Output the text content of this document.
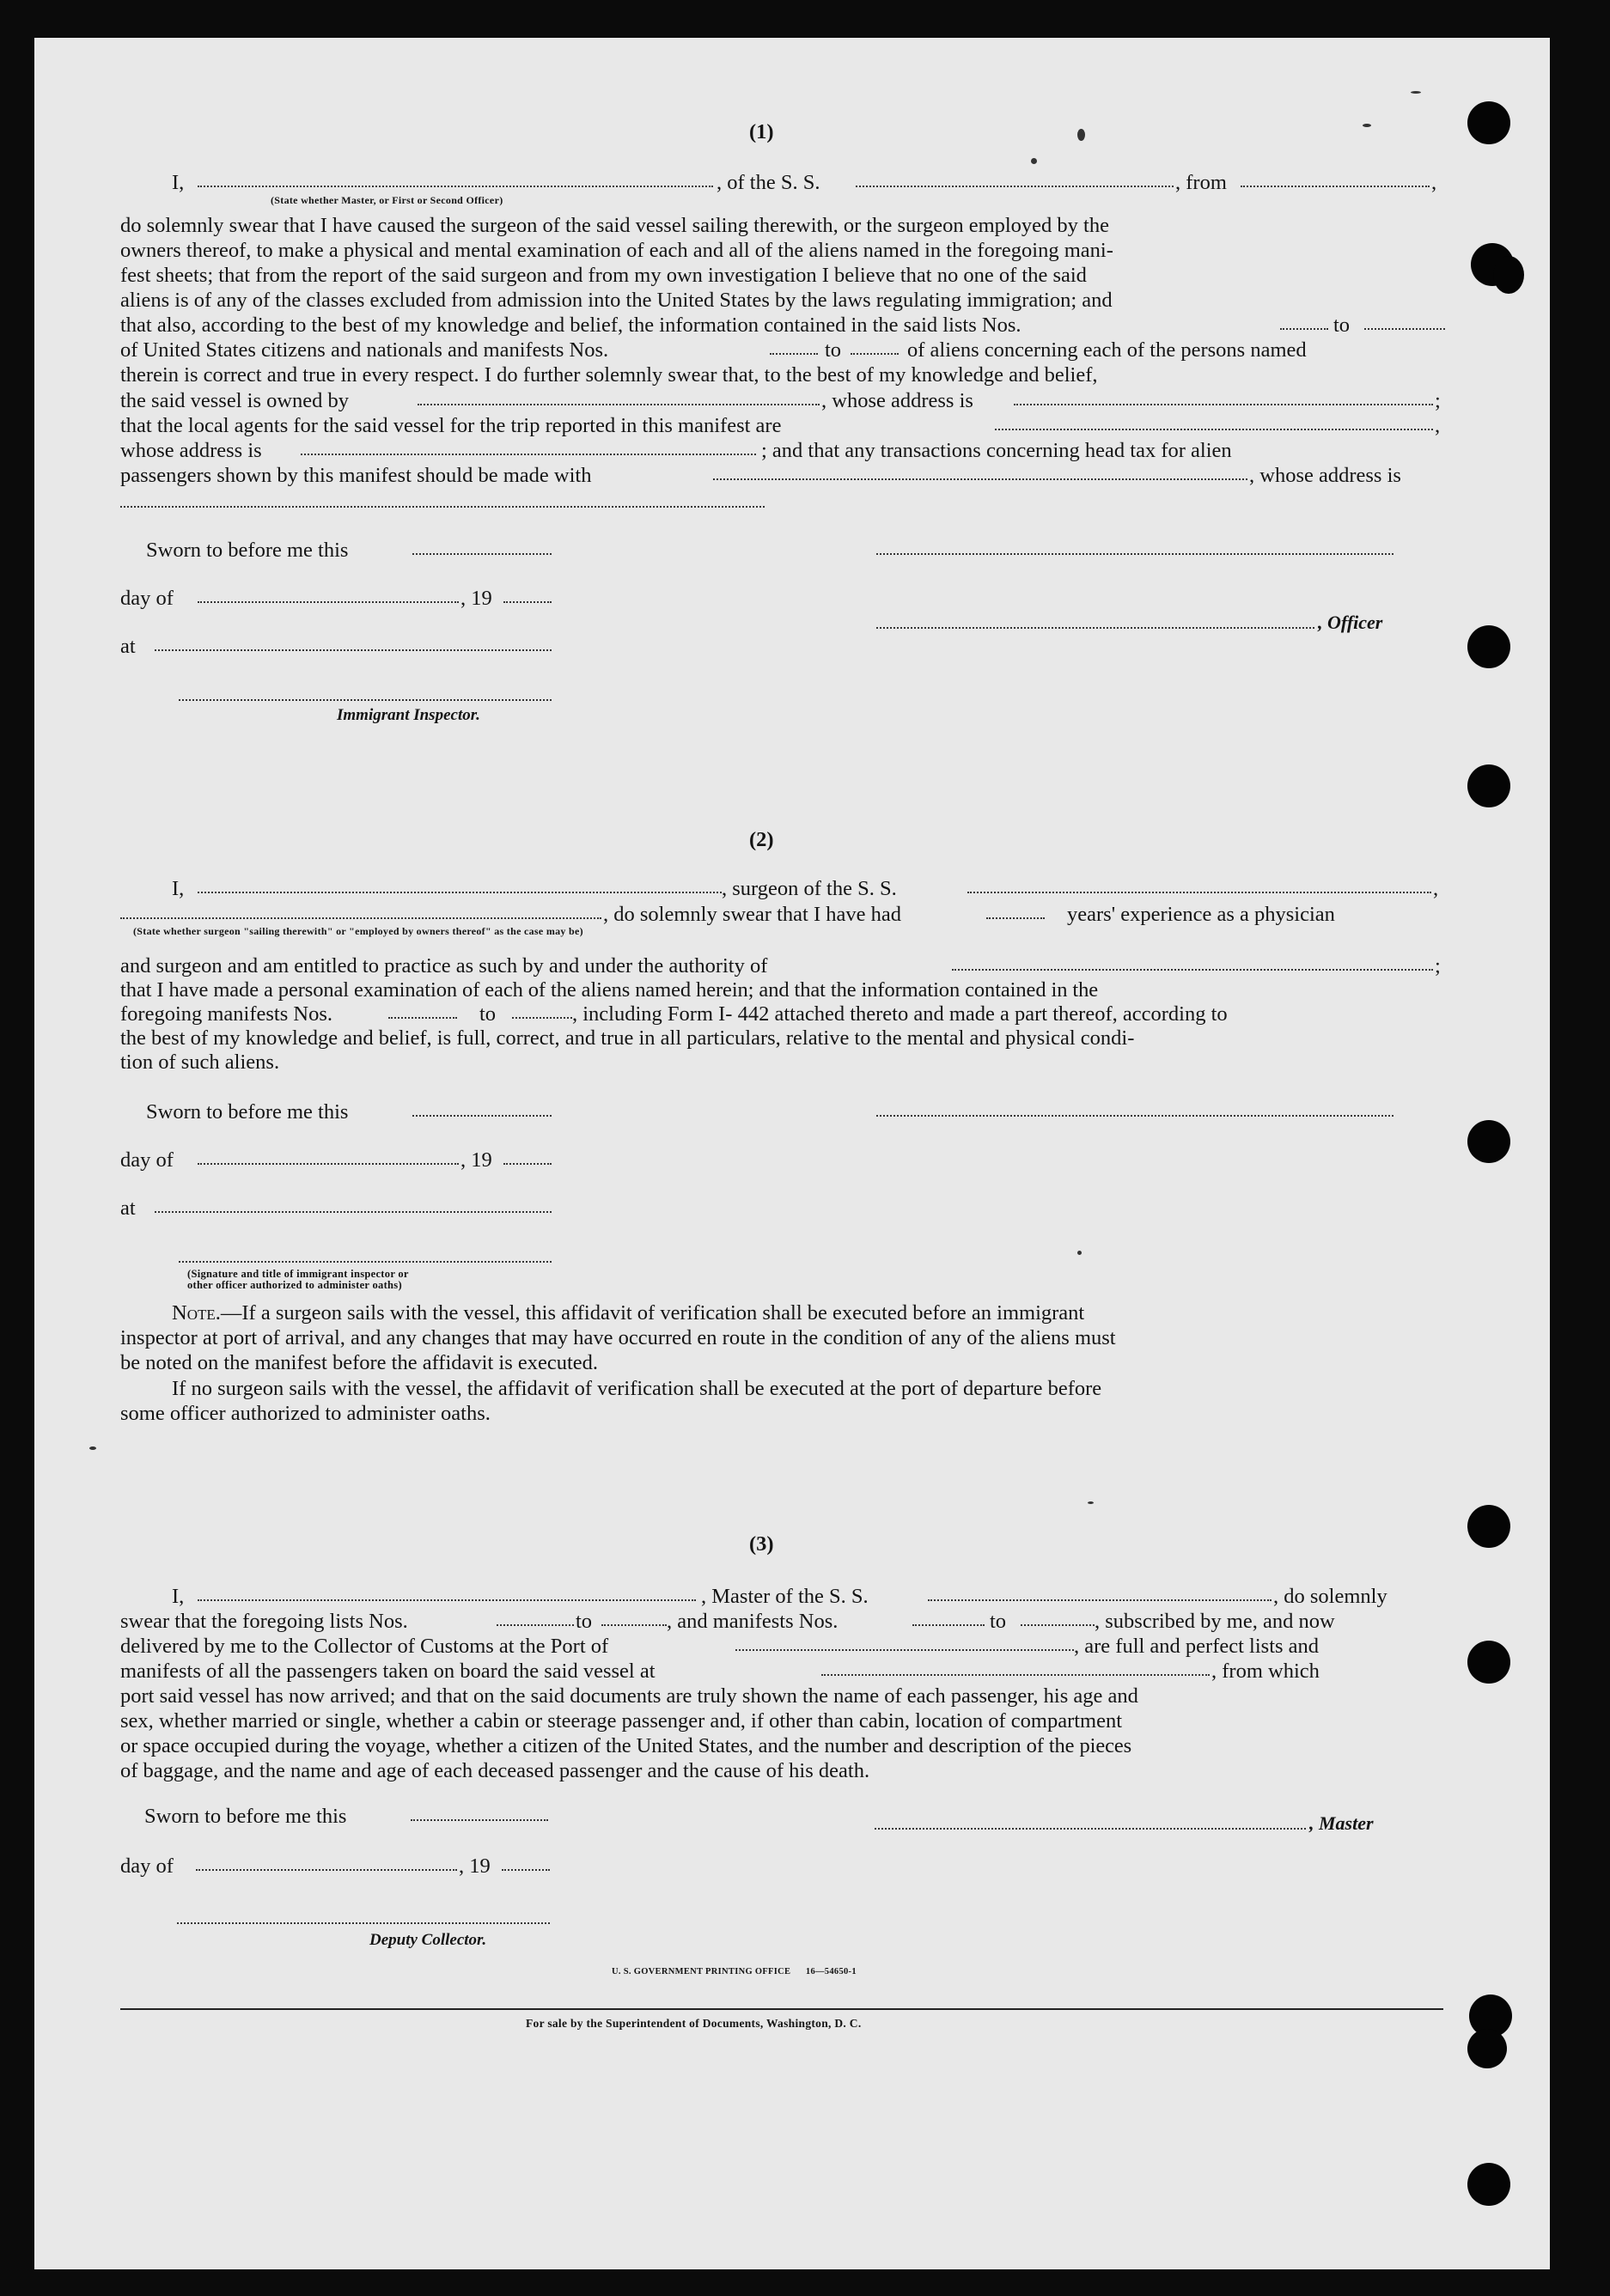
(1)
I,	, of the S. S.	, from	,
(State whether Master, or First or Second Officer)
do solemnly swear that I have caused the surgeon of the said vessel sailing therewith, or the surgeon employed by the
owners thereof, to make a physical and mental examination of each and all of the aliens named in the foregoing mani-
fest sheets; that from the report of the said surgeon and from my own investigation I believe that no one of the said
aliens is of any of the classes excluded from admission into the United States by the laws regulating immigration; and
that also, according to the best of my knowledge and belief, the information contained in the said lists Nos.	to
of United States citizens and nationals and manifests Nos.	to	of aliens concerning each of the persons named
therein is correct and true in every respect. I do further solemnly swear that, to the best of my knowledge and belief,
the said vessel is owned by	, whose address is	;
that the local agents for the said vessel for the trip reported in this manifest are	,
whose address is	; and that any transactions concerning head tax for alien
passengers shown by this manifest should be made with	, whose address is
Sworn to before me this
day of	, 19
, Officer
at
Immigrant Inspector.
(2)
I,	, surgeon of the S. S.	,
, do solemnly swear that I have had	years' experience as a physician
(State whether surgeon "sailing therewith" or "employed by owners thereof" as the case may be)
and surgeon and am entitled to practice as such by and under the authority of	;
that I have made a personal examination of each of the aliens named herein; and that the information contained in the
foregoing manifests Nos.	to	, including Form I- 442 attached thereto and made a part thereof, according to
the best of my knowledge and belief, is full, correct, and true in all particulars, relative to the mental and physical condi-
tion of such aliens.
Sworn to before me this
day of	, 19
at
(Signature and title of immigrant inspector or
other officer authorized to administer oaths)
Note.—If a surgeon sails with the vessel, this affidavit of verification shall be executed before an immigrant
inspector at port of arrival, and any changes that may have occurred en route in the condition of any of the aliens must
be noted on the manifest before the affidavit is executed.
If no surgeon sails with the vessel, the affidavit of verification shall be executed at the port of departure before
some officer authorized to administer oaths.
(3)
I,	, Master of the S. S.	, do solemnly
swear that the foregoing lists Nos.	to	, and manifests Nos.	to	, subscribed by me, and now
delivered by me to the Collector of Customs at the Port of	, are full and perfect lists and
manifests of all the passengers taken on board the said vessel at	, from which
port said vessel has now arrived; and that on the said documents are truly shown the name of each passenger, his age and
sex, whether married or single, whether a cabin or steerage passenger and, if other than cabin, location of compartment
or space occupied during the voyage, whether a citizen of the United States, and the number and description of the pieces
of baggage, and the name and age of each deceased passenger and the cause of his death.
Sworn to before me this	, Master
day of	, 19
Deputy Collector.
U. S. GOVERNMENT PRINTING OFFICE      16—54650-1
For sale by the Superintendent of Documents, Washington, D. C.
